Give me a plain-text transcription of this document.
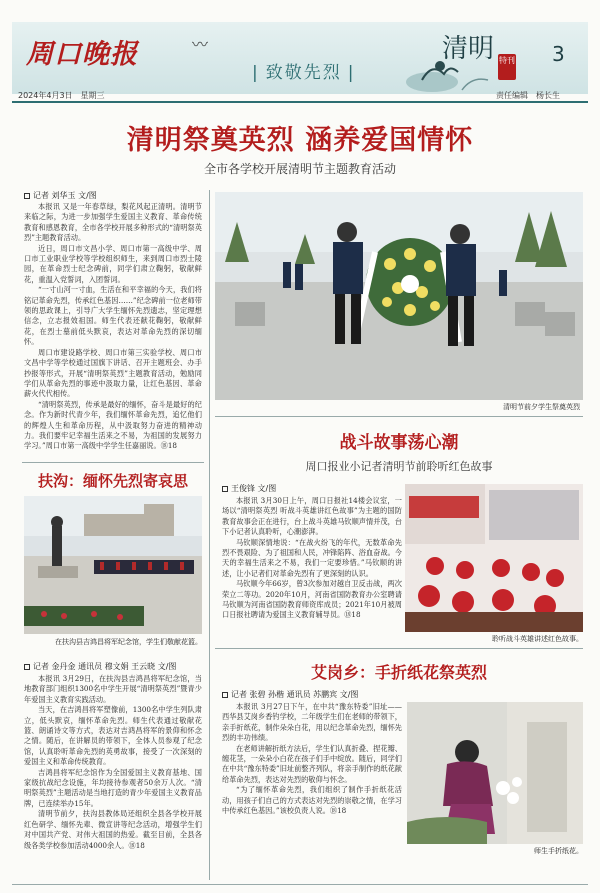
周口晚报	〰
| 致敬先烈 |
清明 特刊 3
2024年4月3日　星期三	责任编辑　杨长生
清明祭奠英烈 涵养爱国情怀
全市各学校开展清明节主题教育活动
记者 刘华玉 文/图

本报讯 又是一年春草绿，梨花风起正清明。清明节来临之际，为进一步加强学生爱国主义教育、革命传统教育和感恩教育，全市各学校开展多种形式的“清明祭英烈”主题教育活动。

近日，周口市文昌小学、周口市第一高级中学、周口市工业职业学校等学校组织师生，来到周口市烈士陵园，在革命烈士纪念碑前，同学们肃立鞠躬，敬献鲜花，重温入党誓词，入团誓词。

“一寸山河一寸血，生活在和平幸福的今天，我们将铭记革命先烈，传承红色基因……”纪念碑前一位老师带领的思政课上，引导广大学生缅怀先烈遗志，坚定理想信念，立志报效祖国。师生代表还献花鞠躬，敬献鲜花，在烈士墓前低头默哀，表达对革命先烈的深切缅怀。

周口市建设路学校、周口市第三实验学校、周口市文昌中学等学校通过国旗下讲话、召开主题班会、办手抄报等形式，开展“清明祭英烈”主题教育活动，勉励同学们从革命先烈的事迹中汲取力量，让红色基因、革命薪火代代相传。

“清明祭英烈，传承是最好的缅怀，奋斗是最好的纪念。作为新时代青少年，我们缅怀革命先烈，追忆他们的辉煌人生和革命历程，从中汲取努力奋进的精神动力。我们要牢记幸福生活来之不易，为祖国的发展努力学习。”周口市第一高级中学学生任嘉丽说。⑱18

清明节前夕学生祭奠英烈
战斗故事荡心潮
周口报业小记者清明节前聆听红色故事
王俊锋 文/图

本报讯 3月30日上午，周口日报社14楼会议室，一场以“清明祭英烈 听战斗英雄讲红色故事”为主题的国防教育故事会正在进行，台上战斗英雄马钦顺声情并茂，台下小记者认真聆听，心潮澎湃。

马钦顺深情地说：“在战火纷飞的年代，无数革命先烈不畏艰险、为了祖国和人民，冲锋陷阵、浴血奋战。今天的幸福生活来之不易，我们一定要珍惜。”马钦顺的讲述，让小记者们对革命先烈有了更深刻的认识。

马钦顺今年66岁，曾3次参加对越自卫反击战，两次荣立二等功。2020年10月，河南省国防教育办公室聘请马钦顺为河南省国防教育师资库成员；2021年10月被周口日报社聘请为爱国主义教育辅导员。⑱18

聆听战斗英雄讲述红色故事。
艾岗乡：手折纸花祭英烈
记者 张碧 孙楷 通讯员 苏鹏宾 文/图

本报讯 3月27日下午，在中共“豫东特委”旧址——西华县艾岗乡香钓学校，二年级学生们在老师的带领下，亲手折纸花，制作朵朵白花，用以纪念革命先烈，缅怀先烈的丰功伟绩。

在老师讲解折纸方法后，学生们认真折叠、捏花瓣、缠花茎，一朵朵小白花在孩子们手中绽放。随后，同学们在中共“豫东特委”旧址前整齐列队，将亲手制作的纸花献给革命先烈，表达对先烈的敬仰与怀念。

“为了缅怀革命先烈，我们组织了制作手折纸花活动，用孩子们自己的方式表达对先烈的崇敬之情，在学习中传承红色基因。”该校负责人说。⑱18

师生手折纸花。
扶沟：缅怀先烈寄哀思
在扶沟县吉鸿昌将军纪念馆，学生们敬献花篮。
记者 金丹金 通讯员 穆文娟 王云晓 文/图

本报讯 3月29日，在扶沟县吉鸿昌将军纪念馆，当地教育部门组织1300名中学生开展“清明祭英烈”暨青少年爱国主义教育实践活动。

当天，在吉鸿昌将军塑像前，1300名中学生列队肃立，低头默哀，缅怀革命先烈。师生代表通过敬献花篮、朗诵诗文等方式，表达对吉鸿昌将军的景仰和怀念之情。随后，在讲解员的带领下，全体人员参观了纪念馆，认真聆听革命先烈的英勇故事，接受了一次深刻的爱国主义和革命传统教育。

吉鸿昌将军纪念馆作为全国爱国主义教育基地、国家级抗战纪念设施，年均接待参观者50余万人次。“清明祭英烈”主题活动是当地打造的青少年爱国主义教育品牌，已连续举办15年。

清明节前夕，扶沟县教体局还组织全县各学校开展红色研学、缅怀先辈、微宣讲等纪念活动，增强学生们对中国共产党、对伟大祖国的热爱。截至目前，全县各级各类学校参加活动4000余人。⑱18
